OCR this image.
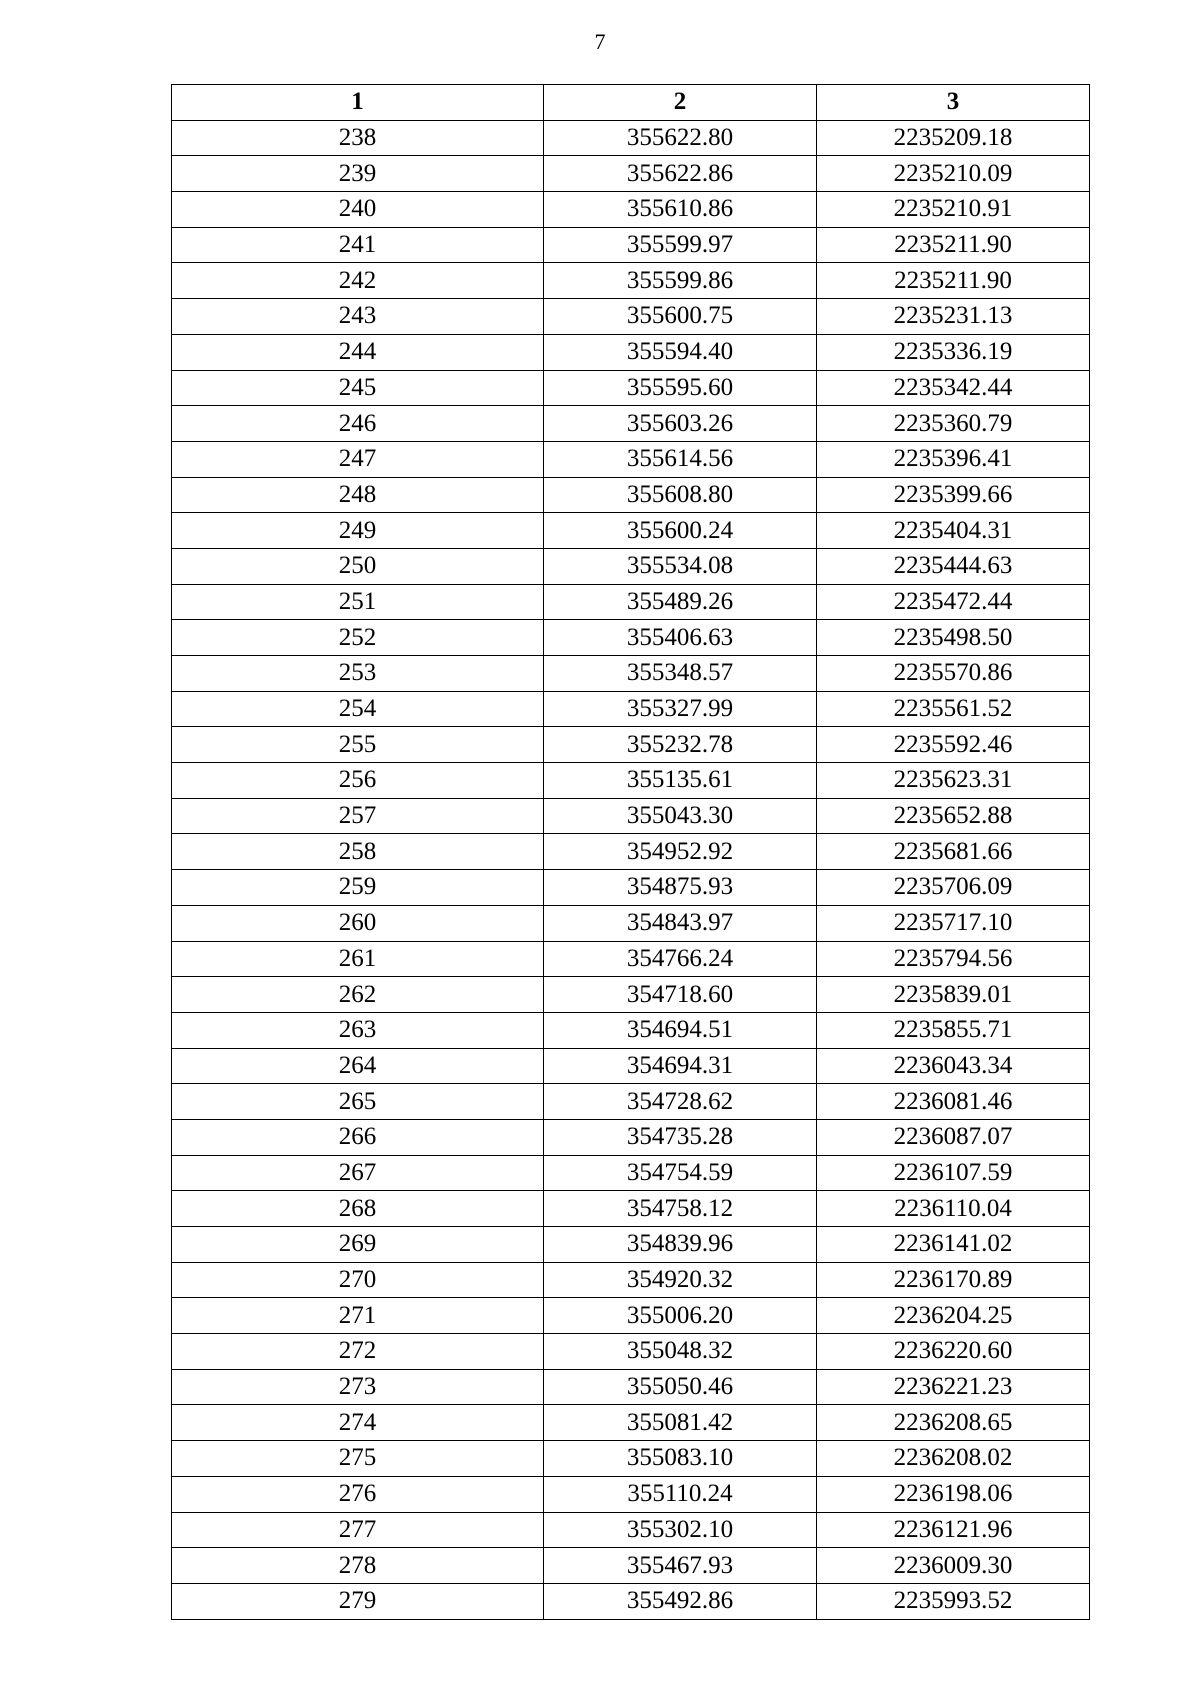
7
1	2	3
238	355622.80	2235209.18
239	355622.86	2235210.09
240	355610.86	2235210.91
241	355599.97	2235211.90
242	355599.86	2235211.90
243	355600.75	2235231.13
244	355594.40	2235336.19
245	355595.60	2235342.44
246	355603.26	2235360.79
247	355614.56	2235396.41
248	355608.80	2235399.66
249	355600.24	2235404.31
250	355534.08	2235444.63
251	355489.26	2235472.44
252	355406.63	2235498.50
253	355348.57	2235570.86
254	355327.99	2235561.52
255	355232.78	2235592.46
256	355135.61	2235623.31
257	355043.30	2235652.88
258	354952.92	2235681.66
259	354875.93	2235706.09
260	354843.97	2235717.10
261	354766.24	2235794.56
262	354718.60	2235839.01
263	354694.51	2235855.71
264	354694.31	2236043.34
265	354728.62	2236081.46
266	354735.28	2236087.07
267	354754.59	2236107.59
268	354758.12	2236110.04
269	354839.96	2236141.02
270	354920.32	2236170.89
271	355006.20	2236204.25
272	355048.32	2236220.60
273	355050.46	2236221.23
274	355081.42	2236208.65
275	355083.10	2236208.02
276	355110.24	2236198.06
277	355302.10	2236121.96
278	355467.93	2236009.30
279	355492.86	2235993.52
